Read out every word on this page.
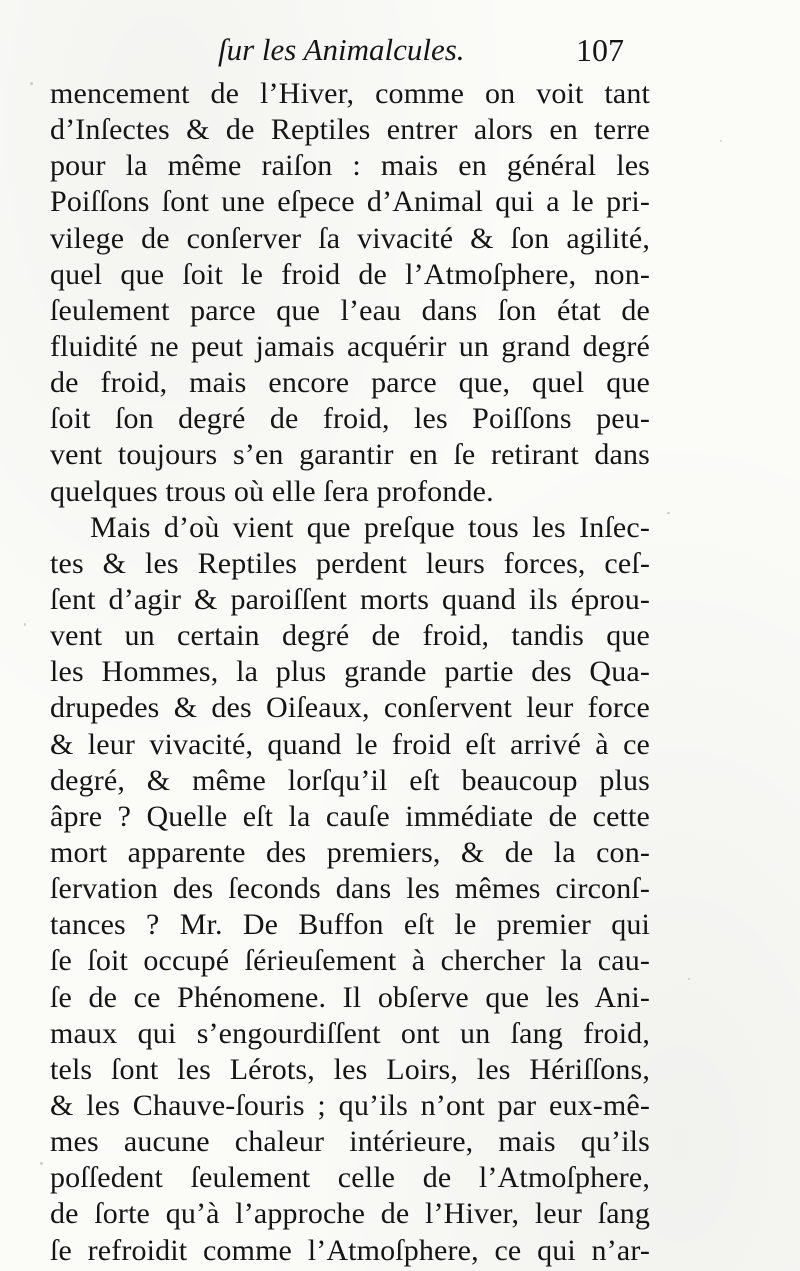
ſur les Animalcules.	107
mencement de l’Hiver, comme on voit tant
d’Inſectes & de Reptiles entrer alors en terre
pour la même raiſon : mais en général les
Poiſſons ſont une eſpece d’Animal qui a le pri-
vilege de conſerver ſa vivacité & ſon agilité,
quel que ſoit le froid de l’Atmoſphere, non-
ſeulement parce que l’eau dans ſon état de
fluidité ne peut jamais acquérir un grand degré
de froid, mais encore parce que, quel que
ſoit ſon degré de froid, les Poiſſons peu-
vent toujours s’en garantir en ſe retirant dans
quelques trous où elle ſera profonde.
Mais d’où vient que preſque tous les Inſec-
tes & les Reptiles perdent leurs forces, ceſ-
ſent d’agir & paroiſſent morts quand ils éprou-
vent un certain degré de froid, tandis que
les Hommes, la plus grande partie des Qua-
drupedes & des Oiſeaux, conſervent leur force
& leur vivacité, quand le froid eſt arrivé à ce
degré, & même lorſqu’il eſt beaucoup plus
âpre ? Quelle eſt la cauſe immédiate de cette
mort apparente des premiers, & de la con-
ſervation des ſeconds dans les mêmes circonſ-
tances ? Mr. De Buffon eſt le premier qui
ſe ſoit occupé ſérieuſement à chercher la cau-
ſe de ce Phénomene. Il obſerve que les Ani-
maux qui s’engourdiſſent ont un ſang froid,
tels ſont les Lérots, les Loirs, les Hériſſons,
& les Chauve-ſouris ; qu’ils n’ont par eux-mê-
mes aucune chaleur intérieure, mais qu’ils
poſſedent ſeulement celle de l’Atmoſphere,
de ſorte qu’à l’approche de l’Hiver, leur ſang
ſe refroidit comme l’Atmoſphere, ce qui n’ar-
